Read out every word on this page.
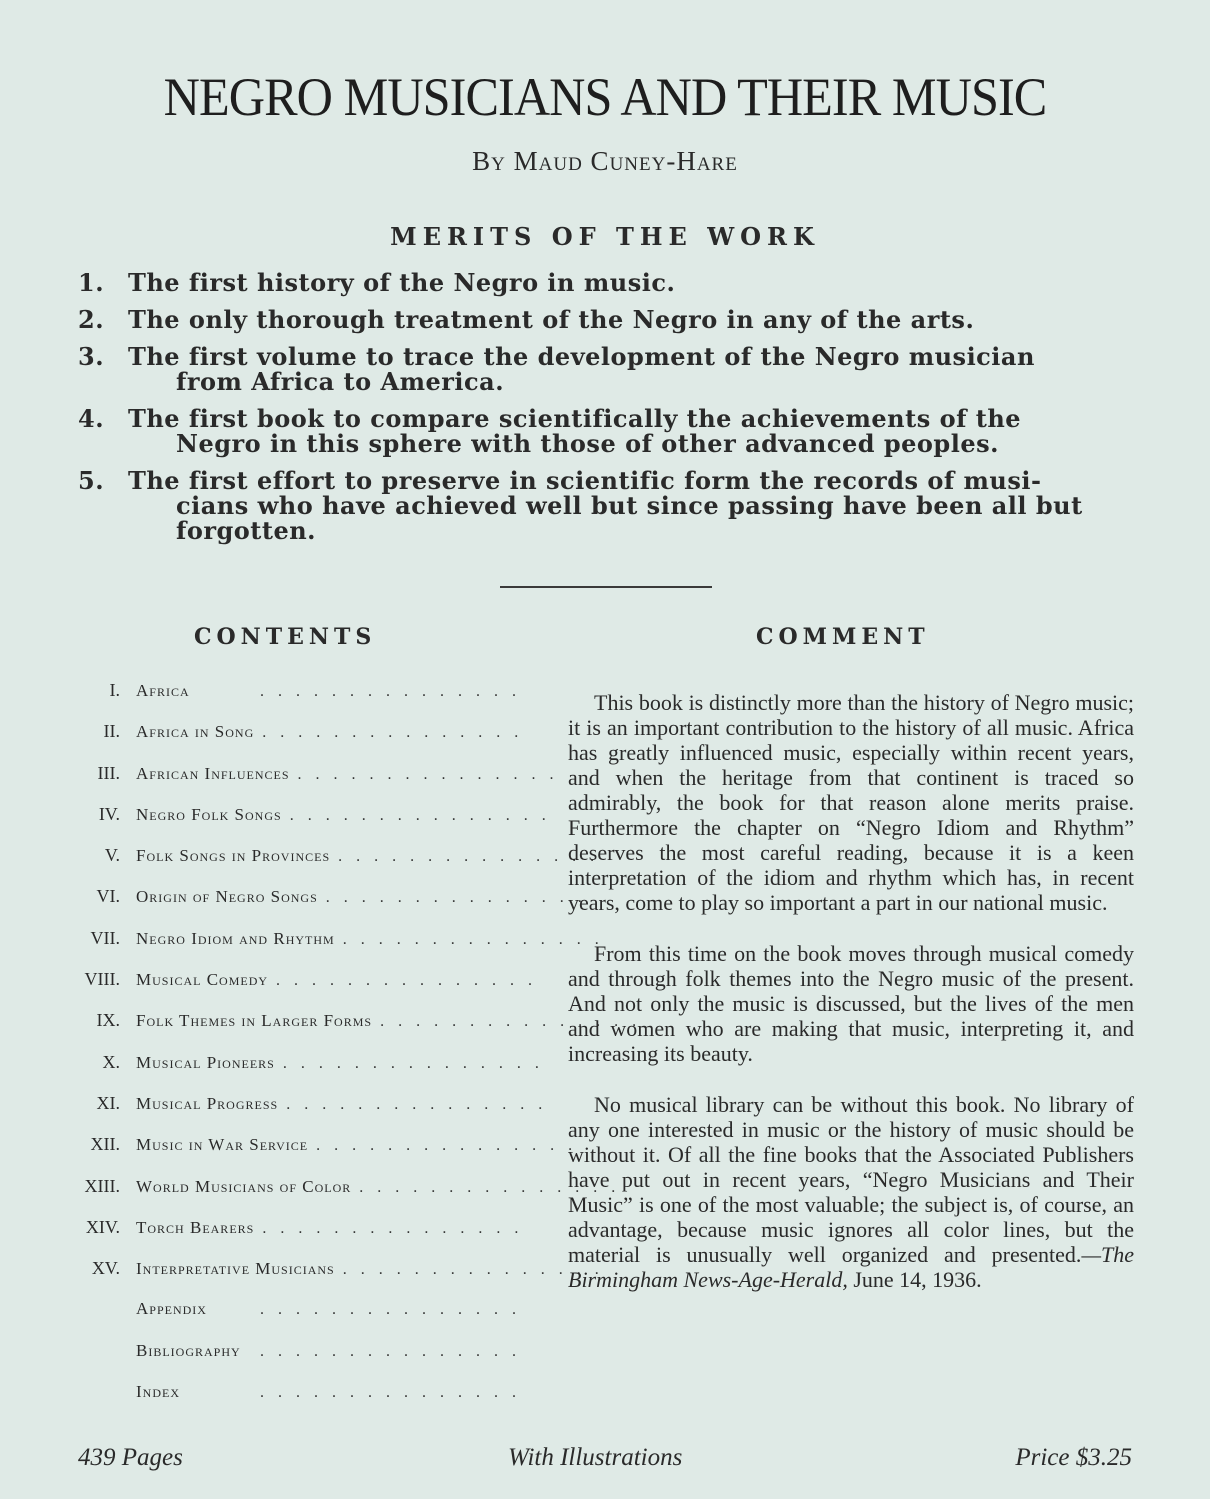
NEGRO MUSICIANS AND THEIR MUSIC
By Maud Cuney-Hare
MERITS OF THE WORK
1. The first history of the Negro in music.
2. The only thorough treatment of the Negro in any of the arts.
3. The first volume to trace the development of the Negro musician
from Africa to America.
4. The first book to compare scientifically the achievements of the
Negro in this sphere with those of other advanced peoples.
5. The first effort to preserve in scientific form the records of musi-
cians who have achieved well but since passing have been all but forgotten.
CONTENTS	COMMENT
I. Africa	...............
II. Africa in Song ...............
III. African Influences ...............
IV. Negro Folk Songs ...............
V. Folk Songs in Provinces ...............
VI. Origin of Negro Songs ...............
VII. Negro Idiom and Rhythm ...............
VIII. Musical Comedy ...............
IX. Folk Themes in Larger Forms ...............
X. Musical Pioneers ...............
XI. Musical Progress ...............
XII. Music in War Service ...............
XIII. World Musicians of Color ...............
XIV. Torch Bearers ...............
XV. Interpretative Musicians ...............
Appendix	...............
Bibliography	...............
Index	...............

This book is distinctly more than the history of Negro music; it is an important contribution to the history of all music. Africa has greatly influenced music, especially within recent years, and when the heritage from that continent is traced so admirably, the book for that reason alone merits praise. Furthermore the chapter on “Negro Idiom and Rhythm” deserves the most careful reading, because it is a keen interpretation of the idiom and rhythm which has, in recent years, come to play so important a part in our national music.

From this time on the book moves through musical comedy and through folk themes into the Negro music of the present. And not only the music is discussed, but the lives of the men and women who are making that music, interpreting it, and increasing its beauty.

No musical library can be without this book. No library of any one interested in music or the history of music should be without it. Of all the fine books that the Associated Publishers have put out in recent years, “Negro Musicians and Their Music” is one of the most valuable; the subject is, of course, an advantage, because music ignores all color lines, but the material is unusually well organized and presented.—The Birmingham News-Age-Herald, June 14, 1936.

439 Pages	With Illustrations	Price $3.25
